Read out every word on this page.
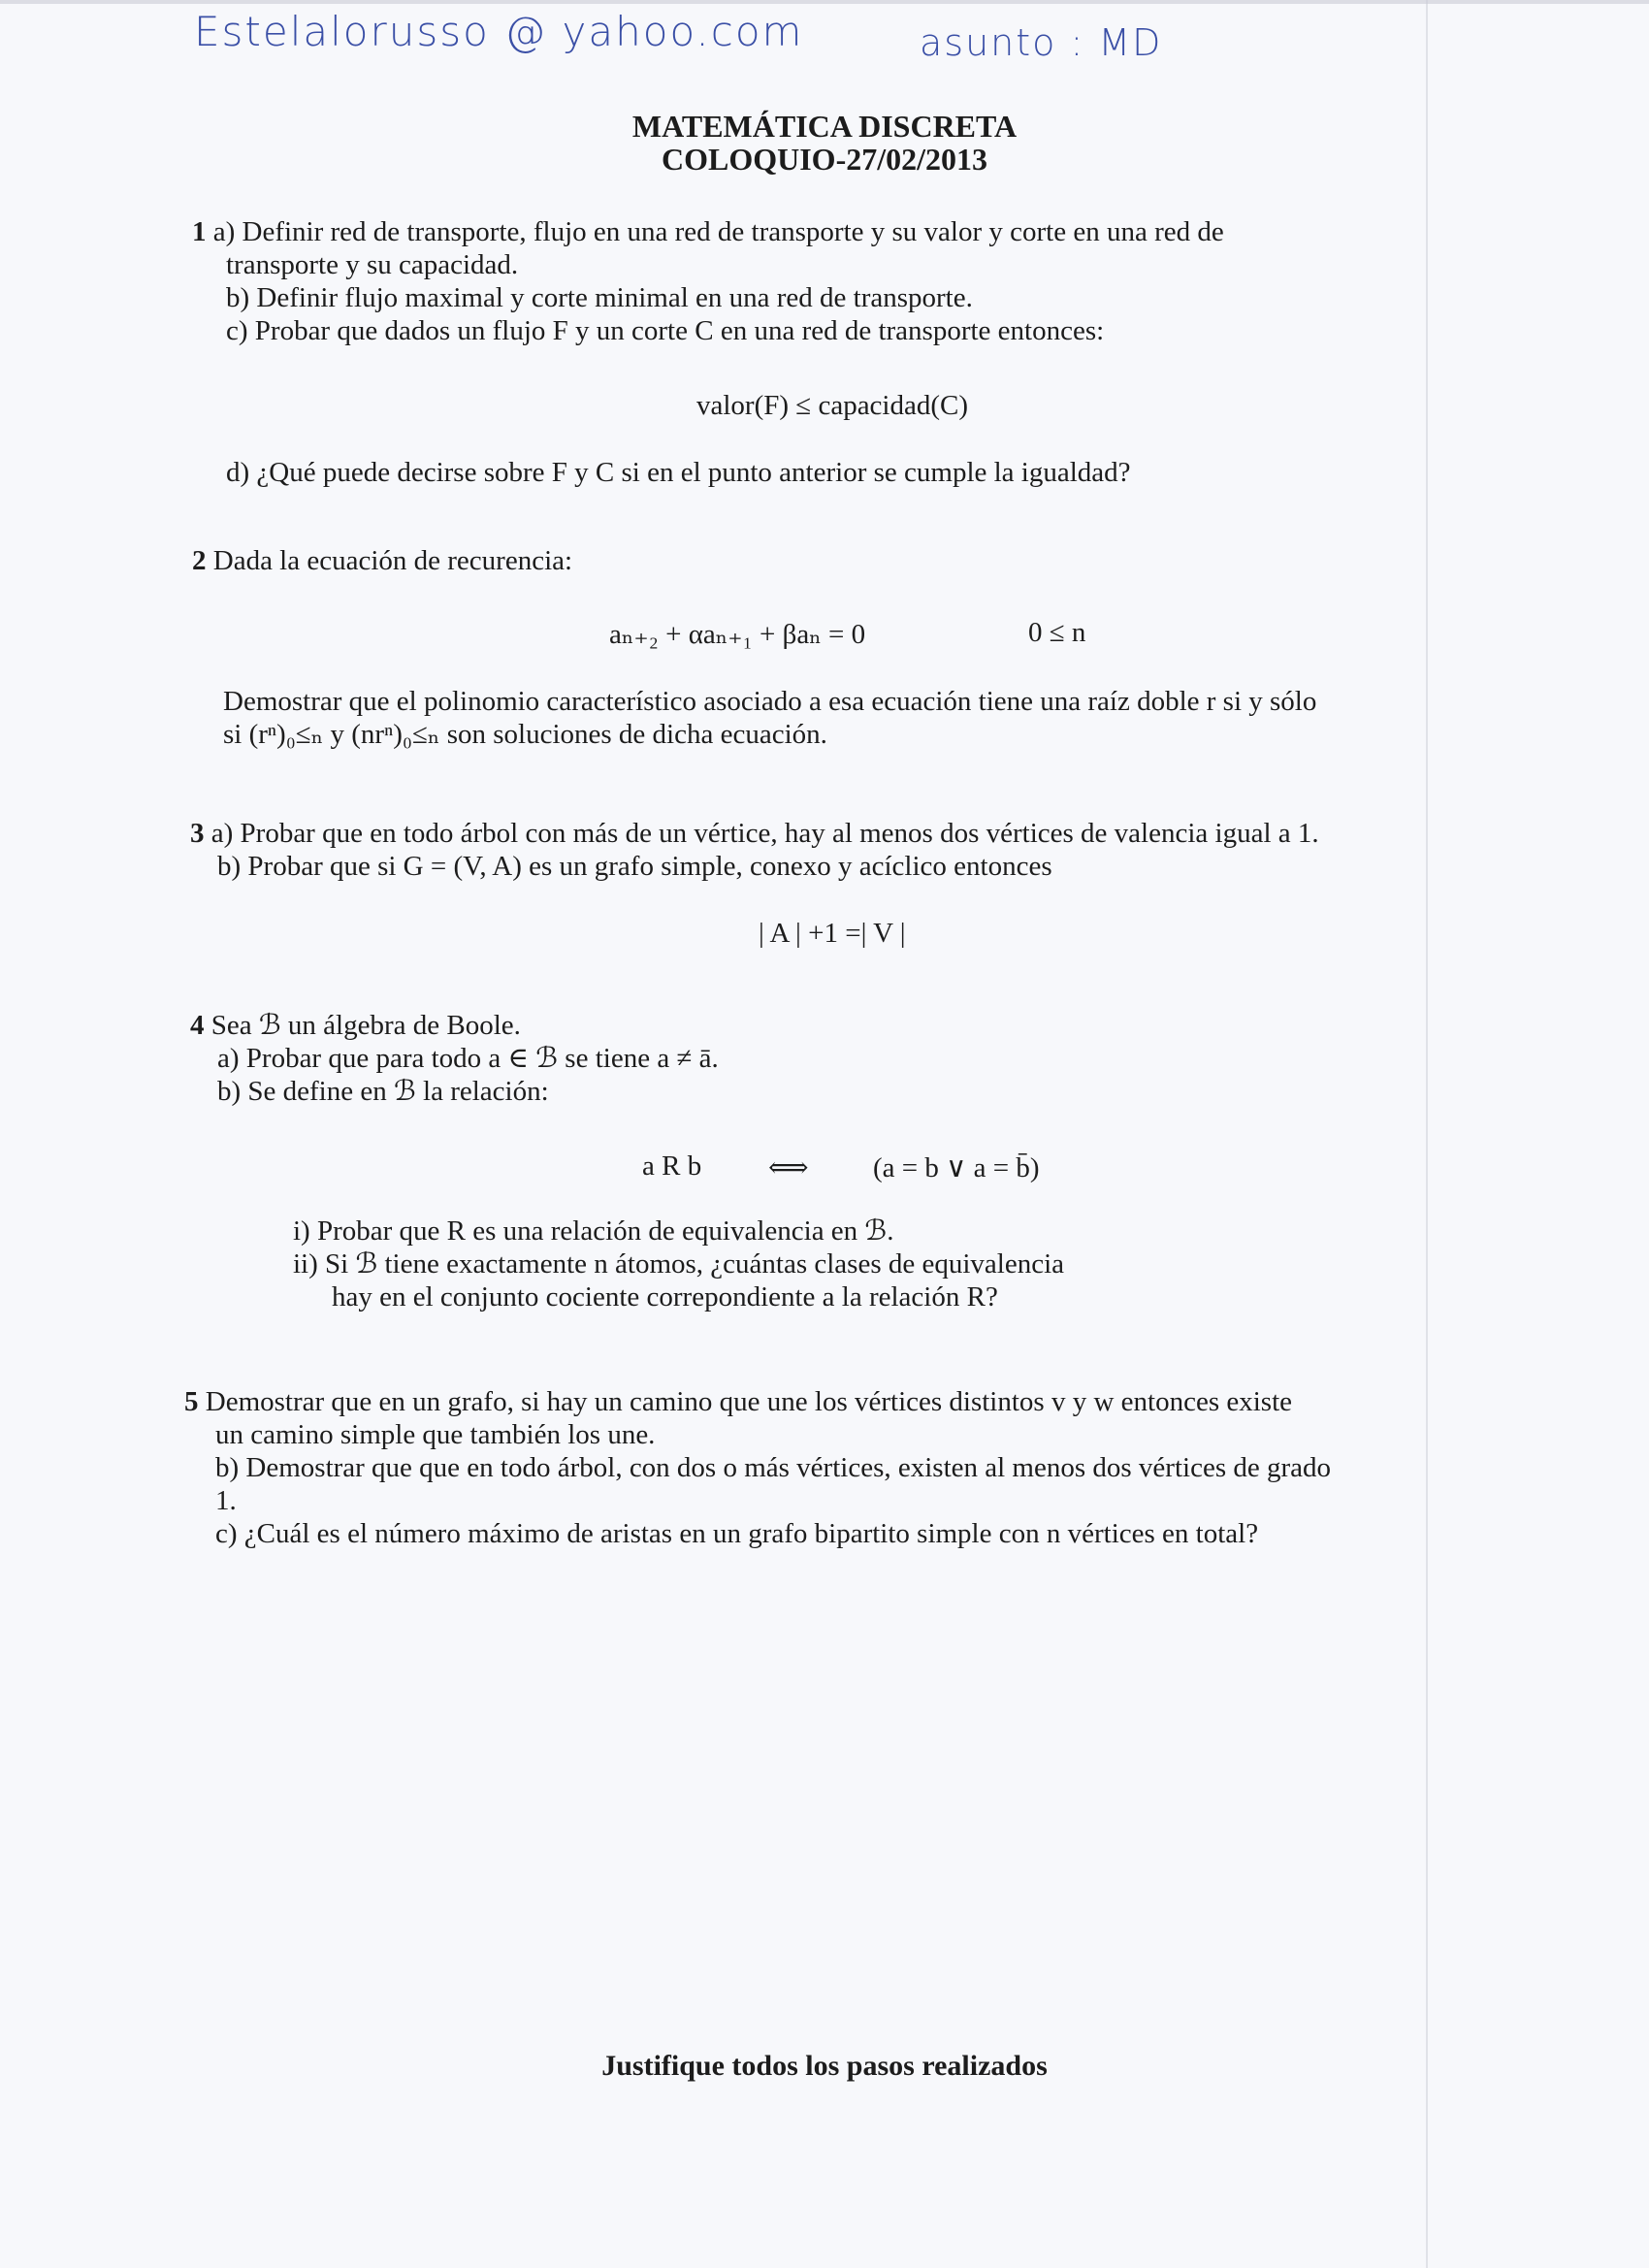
Estelalorusso @ yahoo.com	asunto : MD
MATEMÁTICA DISCRETA
COLOQUIO-27/02/2013
1 a) Definir red de transporte, flujo en una red de transporte y su valor y corte en una red de
transporte y su capacidad.
b) Definir flujo maximal y corte minimal en una red de transporte.
c) Probar que dados un flujo F y un corte C en una red de transporte entonces:
valor(F) ≤ capacidad(C)
d) ¿Qué puede decirse sobre F y C si en el punto anterior se cumple la igualdad?
2 Dada la ecuación de recurencia:
aₙ₊₂ + αaₙ₊₁ + βaₙ = 0	0 ≤ n
Demostrar que el polinomio característico asociado a esa ecuación tiene una raíz doble r si y sólo
si (rⁿ)₀≤ₙ y (nrⁿ)₀≤ₙ son soluciones de dicha ecuación.
3 a) Probar que en todo árbol con más de un vértice, hay al menos dos vértices de valencia igual a 1.
b) Probar que si G = (V, A) es un grafo simple, conexo y acíclico entonces
| A | +1 =| V |
4 Sea ℬ un álgebra de Boole.
a) Probar que para todo a ∈ ℬ se tiene a ≠ ā.
b) Se define en ℬ la relación:
a R b ⟺ (a = b ∨ a = b̄)
i) Probar que R es una relación de equivalencia en ℬ.
ii) Si ℬ tiene exactamente n átomos, ¿cuántas clases de equivalencia
hay en el conjunto cociente correpondiente a la relación R?
5 Demostrar que en un grafo, si hay un camino que une los vértices distintos v y w entonces existe
un camino simple que también los une.
b) Demostrar que que en todo árbol, con dos o más vértices, existen al menos dos vértices de grado
1.
c) ¿Cuál es el número máximo de aristas en un grafo bipartito simple con n vértices en total?
Justifique todos los pasos realizados
